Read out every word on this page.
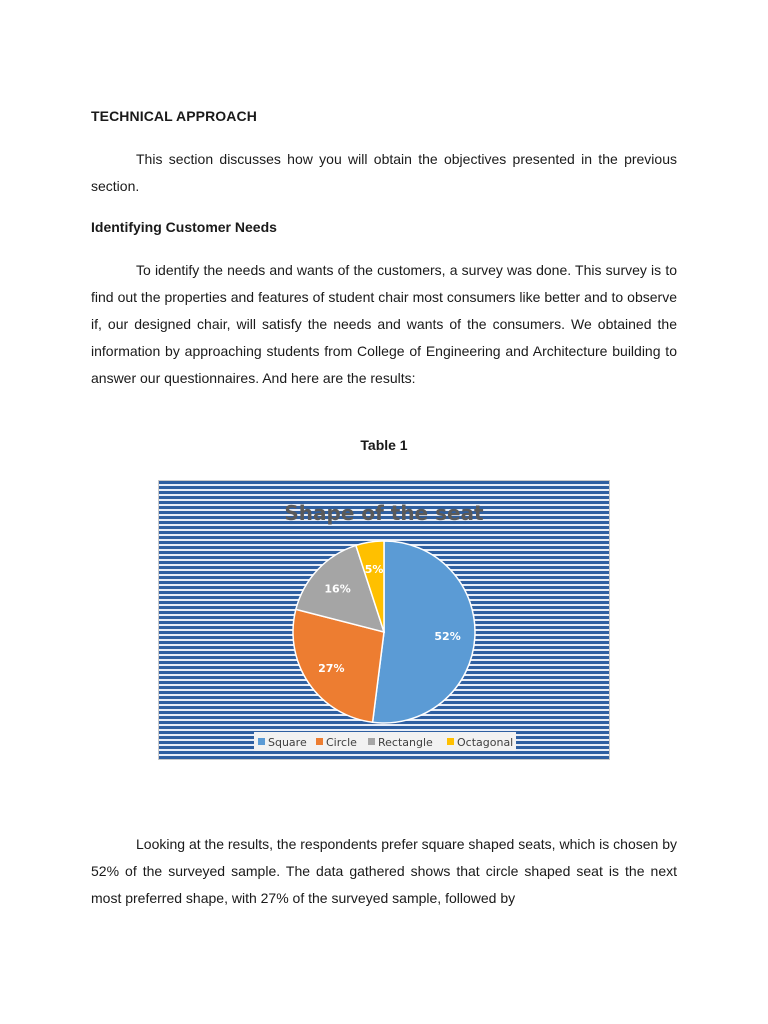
TECHNICAL APPROACH

This section discusses how you will obtain the objectives presented in the previous section.

Identifying Customer Needs

To identify the needs and wants of the customers, a survey was done. This survey is to find out the properties and features of student chair most consumers like better and to observe if, our designed chair, will satisfy the needs and wants of the consumers. We obtained the information by approaching students from College of Engineering and Architecture building to answer our questionnaires. And here are the results:

Table 1
Shape of the seat
52%
27%
16%
5%
Square Circle Rectangle Octagonal

Looking at the results, the respondents prefer square shaped seats, which is chosen by 52% of the surveyed sample. The data gathered shows that circle shaped seat is the next most preferred shape, with 27% of the surveyed sample, followed by
